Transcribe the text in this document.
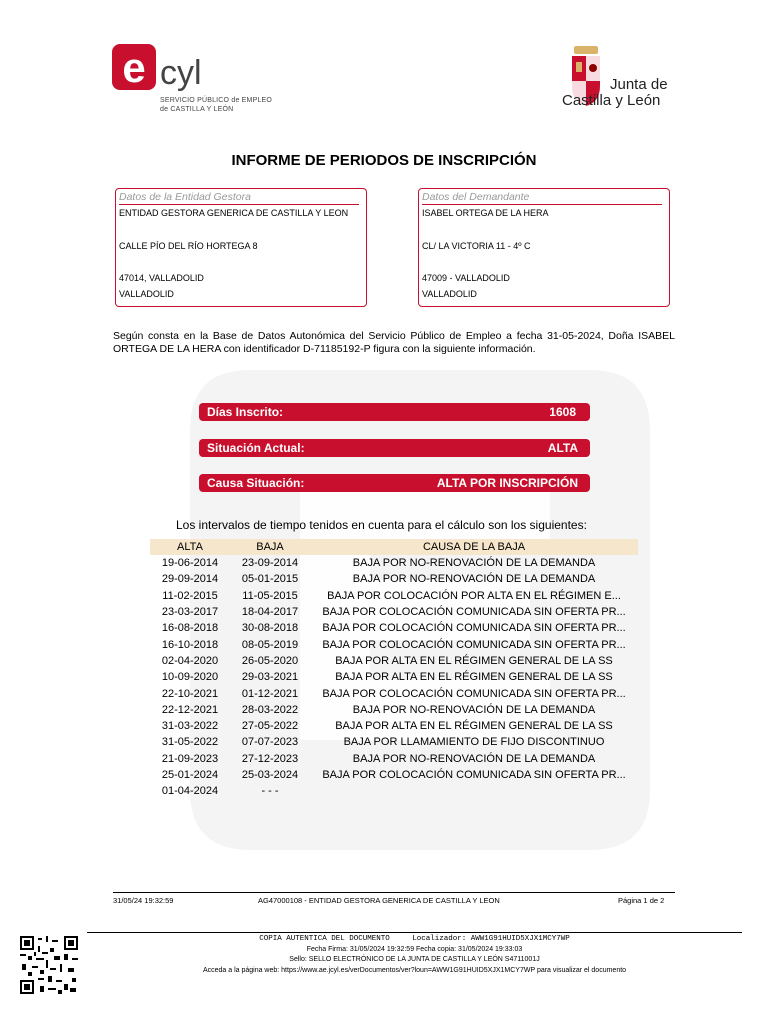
e cyl
SERVICIO PÚBLICO de EMPLEO
de CASTILLA Y LEÓN
Junta de
Castilla y León
INFORME DE PERIODOS DE INSCRIPCIÓN
Datos de la Entidad Gestora
ENTIDAD GESTORA GENERICA DE CASTILLA Y LEON
CALLE PÍO DEL RÍO HORTEGA 8
47014, VALLADOLID
VALLADOLID
Datos del Demandante
ISABEL ORTEGA DE LA HERA
CL/ LA VICTORIA 11 - 4º C
47009 - VALLADOLID
VALLADOLID
Según consta en la Base de Datos Autonómica del Servicio Público de Empleo a fecha 31-05-2024, Doña ISABEL ORTEGA DE LA HERA con identificador D-71185192-P figura con la siguiente información.
Días Inscrito:	1608
Situación Actual:	ALTA
Causa Situación:	ALTA POR INSCRIPCIÓN
Los intervalos de tiempo tenidos en cuenta para el cálculo son los siguientes:
ALTA	BAJA	CAUSA DE LA BAJA
19-06-2014	23-09-2014	BAJA POR NO-RENOVACIÓN DE LA DEMANDA
29-09-2014	05-01-2015	BAJA POR NO-RENOVACIÓN DE LA DEMANDA
11-02-2015	11-05-2015	BAJA POR COLOCACIÓN POR ALTA EN EL RÉGIMEN E...
23-03-2017	18-04-2017	BAJA POR COLOCACIÓN COMUNICADA SIN OFERTA PR...
16-08-2018	30-08-2018	BAJA POR COLOCACIÓN COMUNICADA SIN OFERTA PR...
16-10-2018	08-05-2019	BAJA POR COLOCACIÓN COMUNICADA SIN OFERTA PR...
02-04-2020	26-05-2020	BAJA POR ALTA EN EL RÉGIMEN GENERAL DE LA SS
10-09-2020	29-03-2021	BAJA POR ALTA EN EL RÉGIMEN GENERAL DE LA SS
22-10-2021	01-12-2021	BAJA POR COLOCACIÓN COMUNICADA SIN OFERTA PR...
22-12-2021	28-03-2022	BAJA POR NO-RENOVACIÓN DE LA DEMANDA
31-03-2022	27-05-2022	BAJA POR ALTA EN EL RÉGIMEN GENERAL DE LA SS
31-05-2022	07-07-2023	BAJA POR LLAMAMIENTO DE FIJO DISCONTINUO
21-09-2023	27-12-2023	BAJA POR NO-RENOVACIÓN DE LA DEMANDA
25-01-2024	25-03-2024	BAJA POR COLOCACIÓN COMUNICADA SIN OFERTA PR...
01-04-2024	- - -	
31/05/24 19:32:59	AG47000108 - ENTIDAD GESTORA GENERICA DE CASTILLA Y LEON	Página 1 de 2
COPIA AUTENTICA DEL DOCUMENTO	Localizador: AWW1G91HUID5XJX1MCY7WP
Fecha Firma: 31/05/2024 19:32:59 Fecha copia: 31/05/2024 19:33:03
Sello: SELLO ELECTRÓNICO DE LA JUNTA DE CASTILLA Y LEÓN S4711001J
Acceda a la página web: https://www.ae.jcyl.es/verDocumentos/ver?loun=AWW1G91HUID5XJX1MCY7WP para visualizar el documento
